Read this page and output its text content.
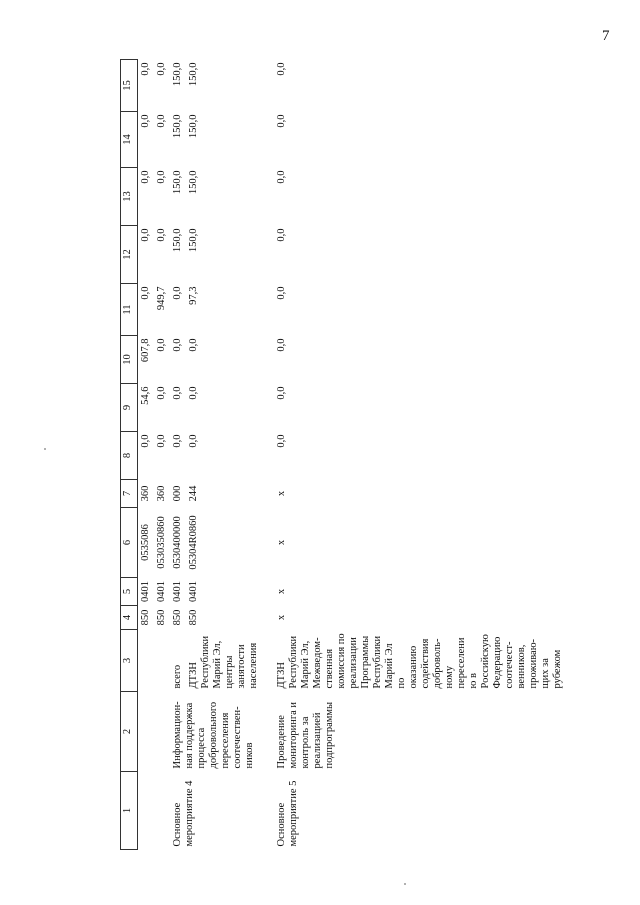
7
1	2	3	4	5	6	7	8	9	10	11	12	13	14	15
			850	0401	0535086	360	0,0	54,6	607,8	0,0	0,0	0,0	0,0	0,0
			850	0401	0530350860	360	0,0	0,0	0,0	949,7	0,0	0,0	0,0	0,0
Основное мероприятие 4	Информацион-ная поддержка процесса добровольного переселения соотечествен-ников	всего	850	0401	0530400000	000	0,0	0,0	0,0	0,0	150,0	150,0	150,0	150,0
		ДТЗН Республики Марий Эл, центры занятости населения	850	0401	05304R0860	244	0,0	0,0	0,0	97,3	150,0	150,0	150,0	150,0

Основное мероприятие 5	Проведение мониторинга и контроль за реализацией подпрограммы	ДТЗН Республики Марий Эл, Межведом-ственная комиссия по реализации Программы Республики Марий Эл по оказанию содействия доброволь-ному переселению в Российскую Федерацию соотечест-венников, проживаю-щих за рубежом	x	x	x	x	0,0	0,0	0,0	0,0	0,0	0,0	0,0	0,0
